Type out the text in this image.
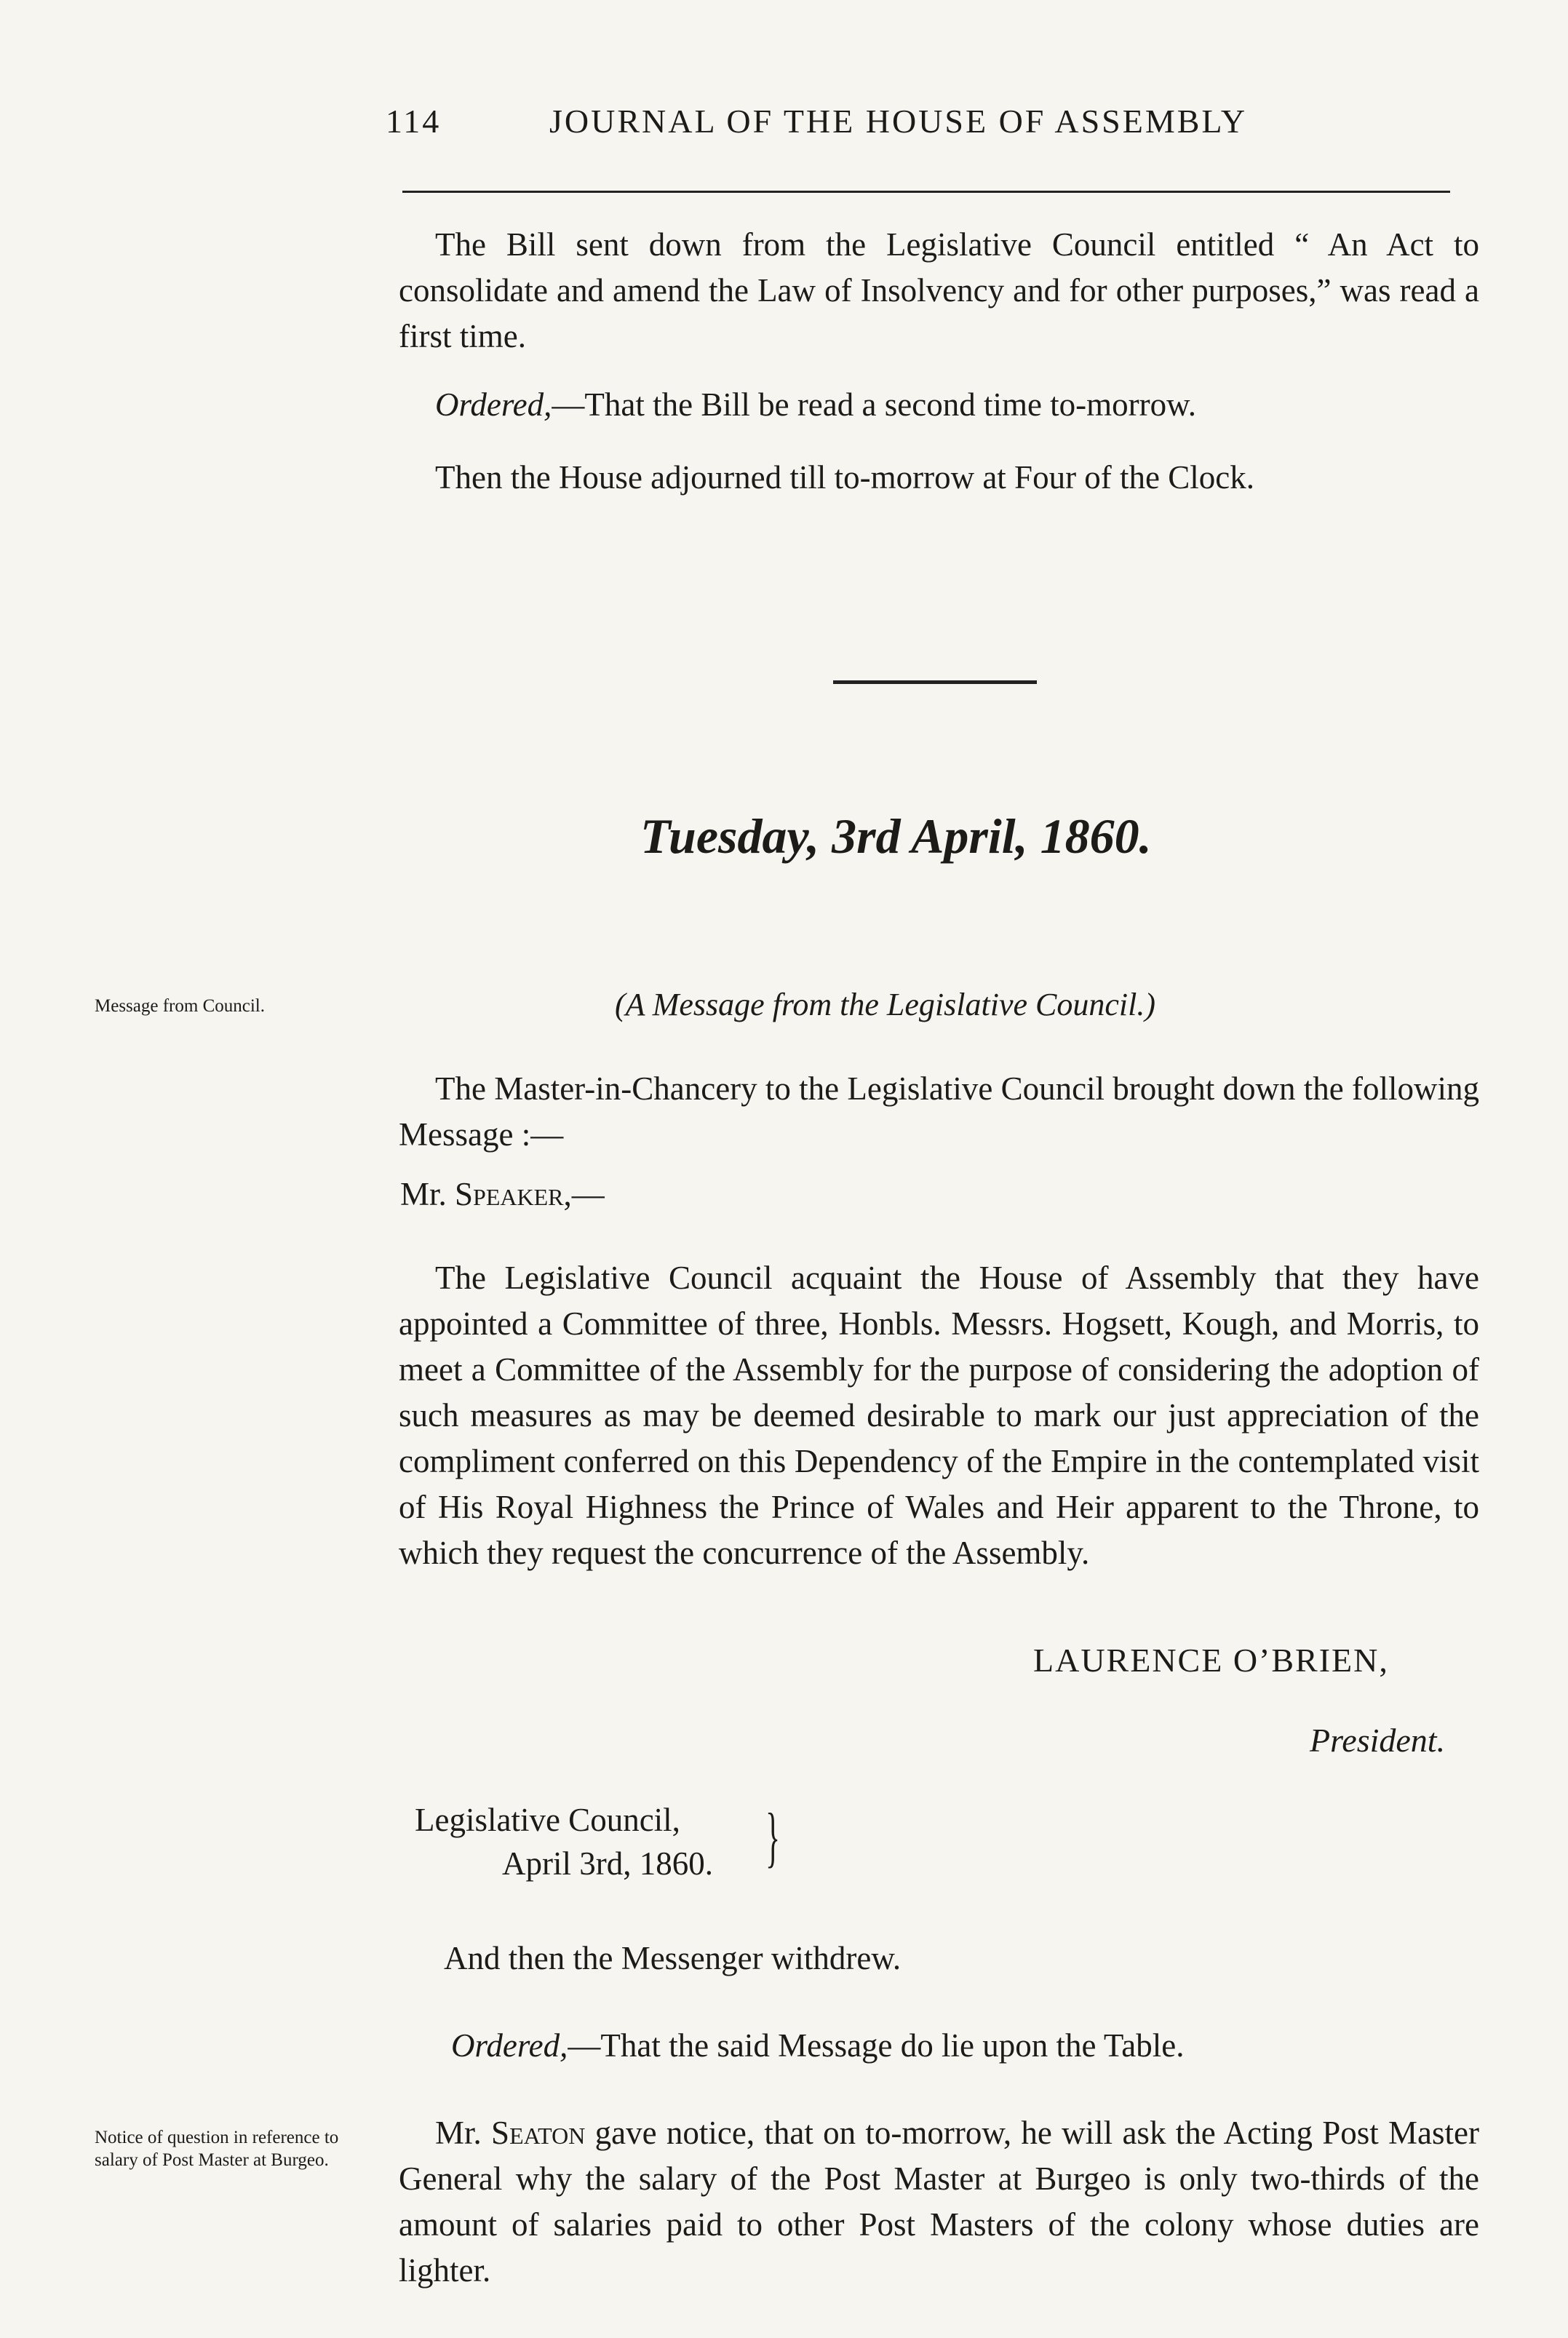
114	JOURNAL OF THE HOUSE OF ASSEMBLY

The Bill sent down from the Legislative Council entitled “ An Act to consolidate and amend the Law of Insolvency and for other purposes,” was read a first time.

Ordered,—That the Bill be read a second time to-morrow.

Then the House adjourned till to-morrow at Four of the Clock.

Tuesday, 3rd April, 1860.
Message from Council.	(A Message from the Legislative Council.)

The Master-in-Chancery to the Legislative Council brought down the following Message :—

Mr. Speaker,—

The Legislative Council acquaint the House of Assembly that they have appointed a Committee of three, Honbls. Messrs. Hogsett, Kough, and Morris, to meet a Committee of the Assembly for the purpose of considering the adoption of such measures as may be deemed desirable to mark our just appreciation of the compliment conferred on this Dependency of the Empire in the contemplated visit of His Royal Highness the Prince of Wales and Heir apparent to the Throne, to which they request the concurrence of the Assembly.

LAURENCE O’BRIEN,
President.
Legislative Council,
April 3rd, 1860. }

And then the Messenger withdrew.

Ordered,—That the said Message do lie upon the Table.

Notice of question in reference to salary of Post Master at Burgeo.

Mr. Seaton gave notice, that on to-morrow, he will ask the Acting Post Master General why the salary of the Post Master at Burgeo is only two-thirds of the amount of salaries paid to other Post Masters of the colony whose duties are lighter.
